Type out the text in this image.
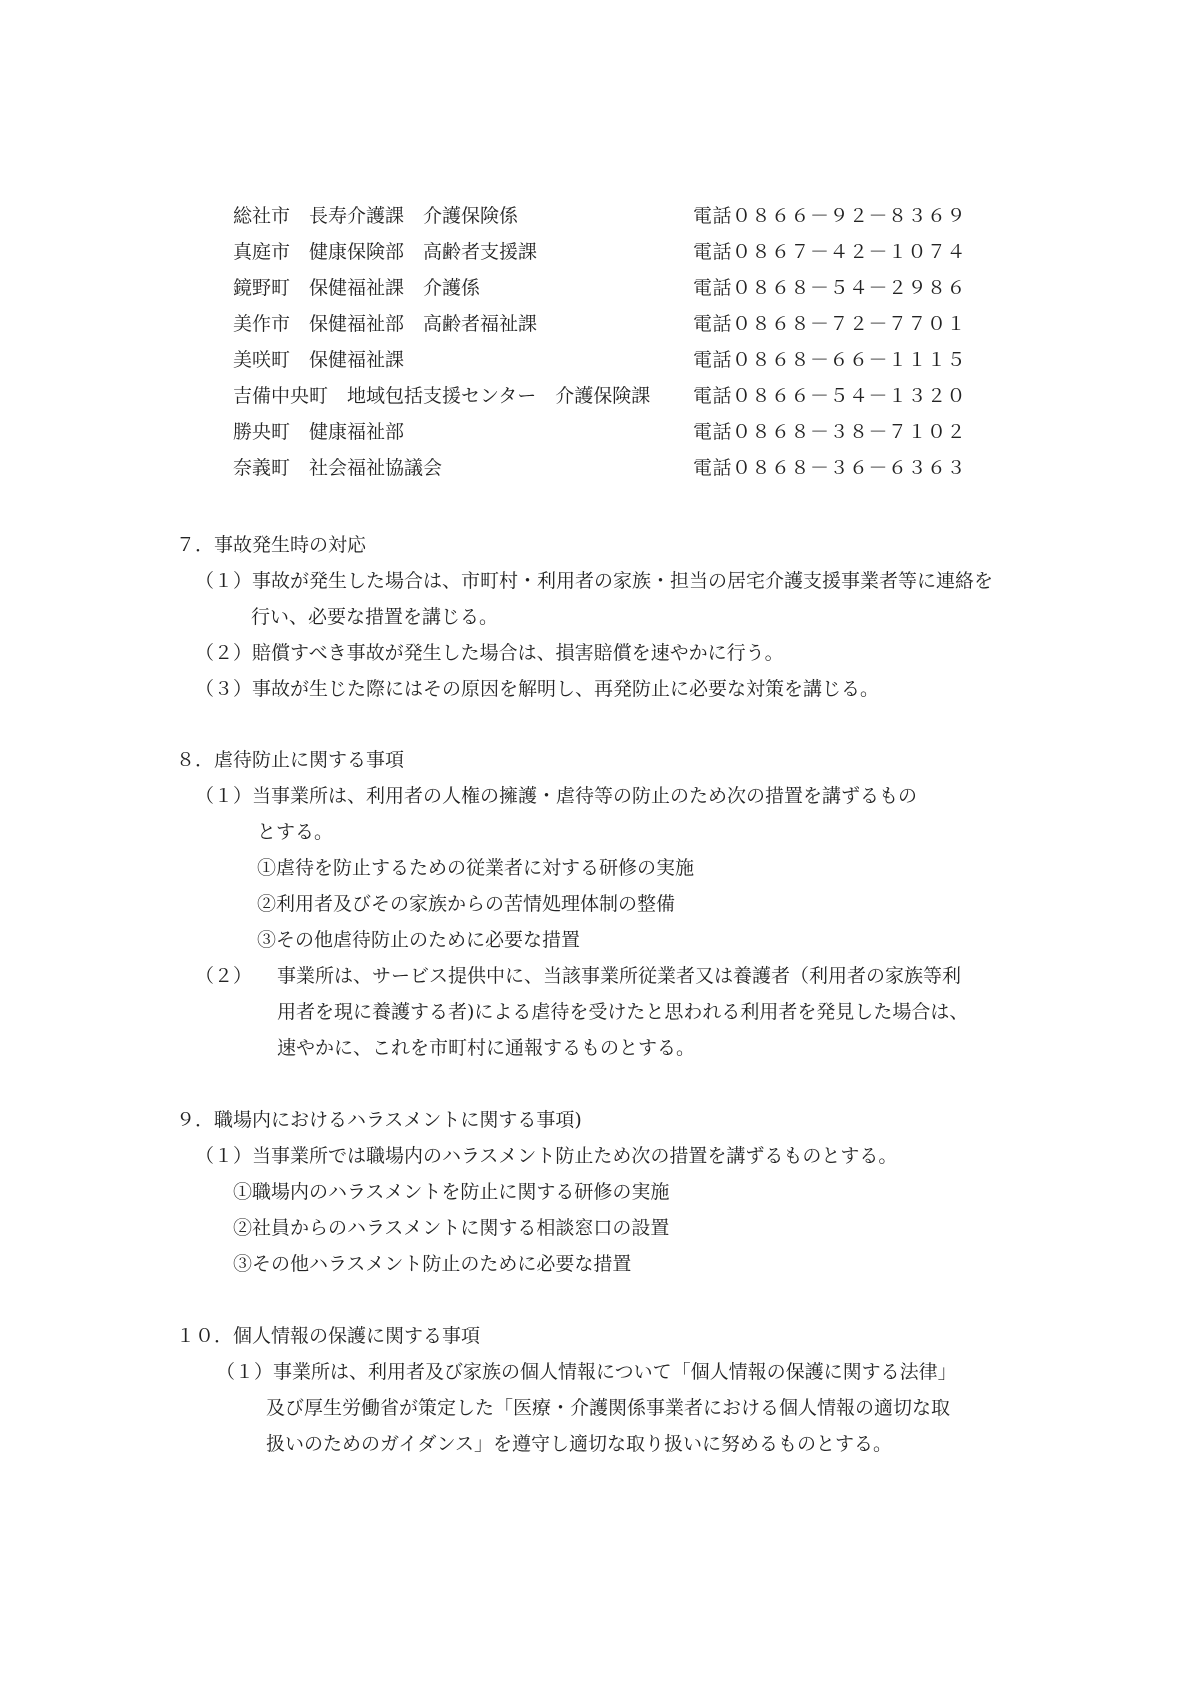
総社市　長寿介護課　介護保険係	電話０８６６－９２－８３６９
真庭市　健康保険部　高齢者支援課	電話０８６７－４２－１０７４
鏡野町　保健福祉課　介護係	電話０８６８－５４－２９８６
美作市　保健福祉部　高齢者福祉課	電話０８６８－７２－７７０１
美咲町　保健福祉課	電話０８６８－６６－１１１５
吉備中央町　地域包括支援センター　介護保険課 電話０８６６－５４－１３２０
勝央町　健康福祉部	電話０８６８－３８－７１０２
奈義町　社会福祉協議会	電話０８６８－３６－６３６３
７．事故発生時の対応
（１）事故が発生した場合は、市町村・利用者の家族・担当の居宅介護支援事業者等に連絡を
行い、必要な措置を講じる。
（２）賠償すべき事故が発生した場合は、損害賠償を速やかに行う。
（３）事故が生じた際にはその原因を解明し、再発防止に必要な対策を講じる。
８．虐待防止に関する事項
（１）当事業所は、利用者の人権の擁護・虐待等の防止のため次の措置を講ずるもの
とする。
①虐待を防止するための従業者に対する研修の実施
②利用者及びその家族からの苦情処理体制の整備
③その他虐待防止のために必要な措置
（２） 事業所は、サービス提供中に、当該事業所従業者又は養護者（利用者の家族等利
用者を現に養護する者)による虐待を受けたと思われる利用者を発見した場合は、
速やかに、これを市町村に通報するものとする。
９．職場内におけるハラスメントに関する事項)
（１）当事業所では職場内のハラスメント防止ため次の措置を講ずるものとする。
①職場内のハラスメントを防止に関する研修の実施
②社員からのハラスメントに関する相談窓口の設置
③その他ハラスメント防止のために必要な措置
１０．個人情報の保護に関する事項
（１）事業所は、利用者及び家族の個人情報について「個人情報の保護に関する法律」
及び厚生労働省が策定した「医療・介護関係事業者における個人情報の適切な取
扱いのためのガイダンス」を遵守し適切な取り扱いに努めるものとする。
